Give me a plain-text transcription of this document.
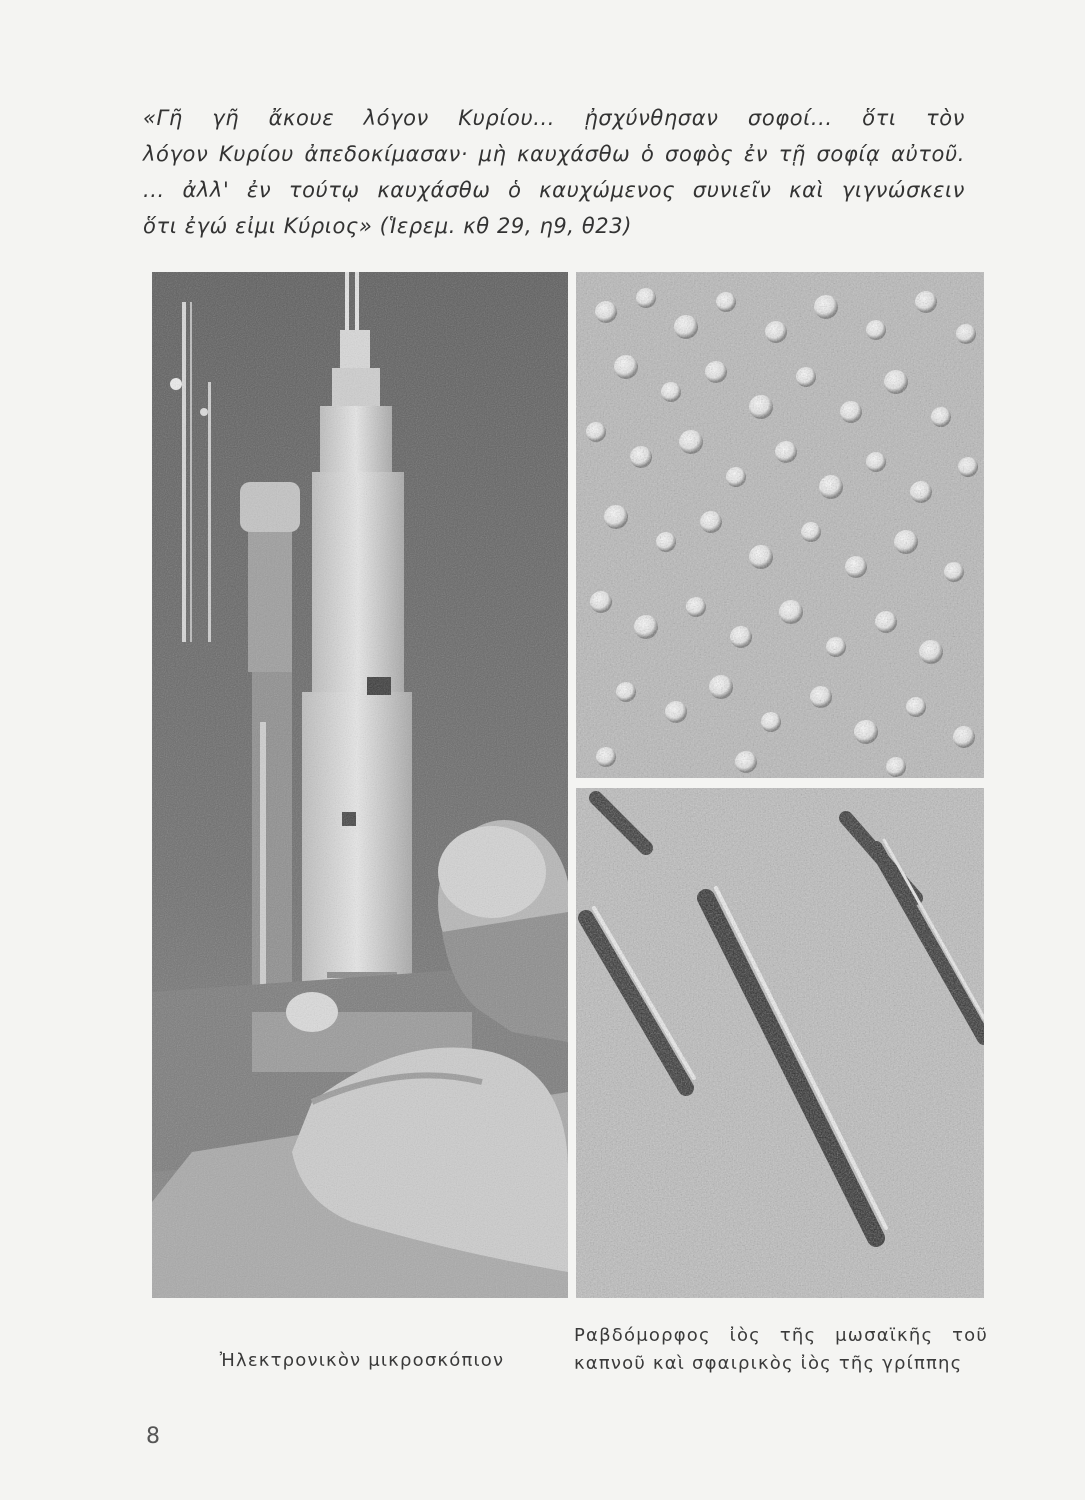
«Γῆ γῆ ἄκουε λόγον Κυρίου... ᾐσχύνθησαν σοφοί... ὅτι τὸν
λόγον Κυρίου ἀπεδοκίμασαν· μὴ καυχάσθω ὁ σοφὸς ἐν τῇ σοφίᾳ αὐτοῦ.
... ἀλλ' ἐν τούτῳ καυχάσθω ὁ καυχώμενος συνιεῖν καὶ γιγνώσκειν
ὅτι ἐγώ εἰμι Κύριος» (Ἱερεμ. κθ 29, η9, θ23)
Ἠλεκτρονικὸν μικροσκόπιον
Ραβδόμορφος ἰὸς τῆς μωσαϊκῆς τοῦ
καπνοῦ καὶ σφαιρικὸς ἰὸς τῆς γρίππης
8
